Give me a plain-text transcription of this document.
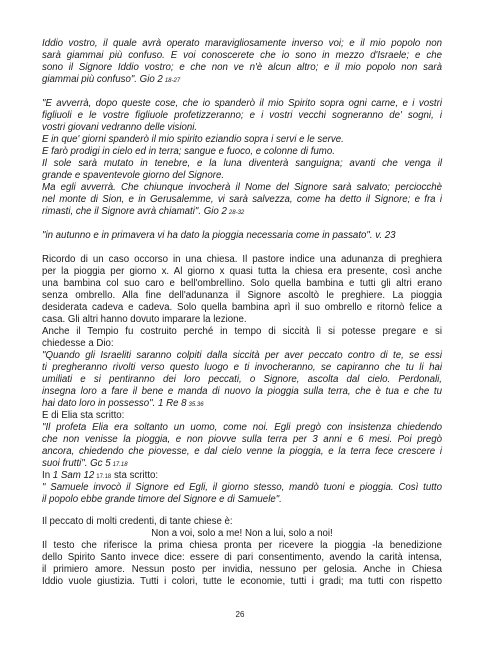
Iddio vostro, il quale avrà operato maravigliosamente inverso voi; e il mio popolo non
sarà giammai più confuso. E voi conoscerete che io sono in mezzo d'Israele; e che
sono il Signore Iddio vostro; e che non ve n'è alcun altro; e il mio popolo non sarà
giammai più confuso". Gio 2 18-27
"E avverrà, dopo queste cose, che io spanderò il mio Spirito sopra ogni carne, e i vostri
figliuoli e le vostre figliuole profetizzeranno; e i vostri vecchi sogneranno de' sogni, i
vostri giovani vedranno delle visioni.
E in que' giorni spanderò il mio spirito eziandio sopra i servi e le serve.
E farò prodigi in cielo ed in terra; sangue e fuoco, e colonne di fumo.
Il sole sarà mutato in tenebre, e la luna diventerà sanguigna; avanti che venga il
grande e spaventevole giorno del Signore.
Ma egli avverrà. Che chiunque invocherà il Nome del Signore sarà salvato; perciocchè
nel monte di Sion, e in Gerusalemme, vi sarà salvezza, come ha detto il Signore; e fra i
rimasti, che il Signore avrà chiamati". Gio 2 28-32
"in autunno e in primavera vi ha dato la pioggia necessaria come in passato". v. 23
Ricordo di un caso occorso in una chiesa. Il pastore indice una adunanza di preghiera
per la pioggia per giorno x. Al giorno x quasi tutta la chiesa era presente, così anche
una bambina col suo caro e bell'ombrellino. Solo quella bambina e tutti gli altri erano
senza ombrello. Alla fine dell'adunanza il Signore ascoltò le preghiere. La pioggia
desiderata cadeva e cadeva. Solo quella bambina aprì il suo ombrello e ritornò felice a
casa. Gli altri hanno dovuto imparare la lezione.
Anche il Tempio fu costruito perché in tempo di siccità lì si potesse pregare e si
chiedesse a Dio:
"Quando gli Israeliti saranno colpiti dalla siccità per aver peccato contro di te, se essi
ti pregheranno rivolti verso questo luogo e ti invocheranno, se capiranno che tu li hai
umiliati e si pentiranno dei loro peccati, o Signore, ascolta dal cielo. Perdonali,
insegna loro a fare il bene e manda di nuovo la pioggia sulla terra, che è tua e che tu
hai dato loro in possesso". 1 Re 8 35.36
E di Elia sta scritto:
"Il profeta Elia era soltanto un uomo, come noi. Egli pregò con insistenza chiedendo
che non venisse la pioggia, e non piovve sulla terra per 3 anni e 6 mesi. Poi pregò
ancora, chiedendo che piovesse, e dal cielo venne la pioggia, e la terra fece crescere i
suoi frutti". Gc 5 17.18
In 1 Sam 12 17.18 sta scritto:
" Samuele invocò il Signore ed Egli, il giorno stesso, mandò tuoni e pioggia. Così tutto
il popolo ebbe grande timore del Signore e di Samuele".
Il peccato di molti credenti, di tante chiese è:
Non a voi, solo a me! Non a lui, solo a noi!
Il testo che riferisce la prima chiesa pronta per ricevere la pioggia -la benedizione
dello Spirito Santo invece dice: essere di pari consentimento, avendo la carità intensa,
il primiero amore. Nessun posto per invidia, nessuno per gelosia. Anche in Chiesa
Iddio vuole giustizia. Tutti i colori, tutte le economie, tutti i gradi; ma tutti con rispetto
26
